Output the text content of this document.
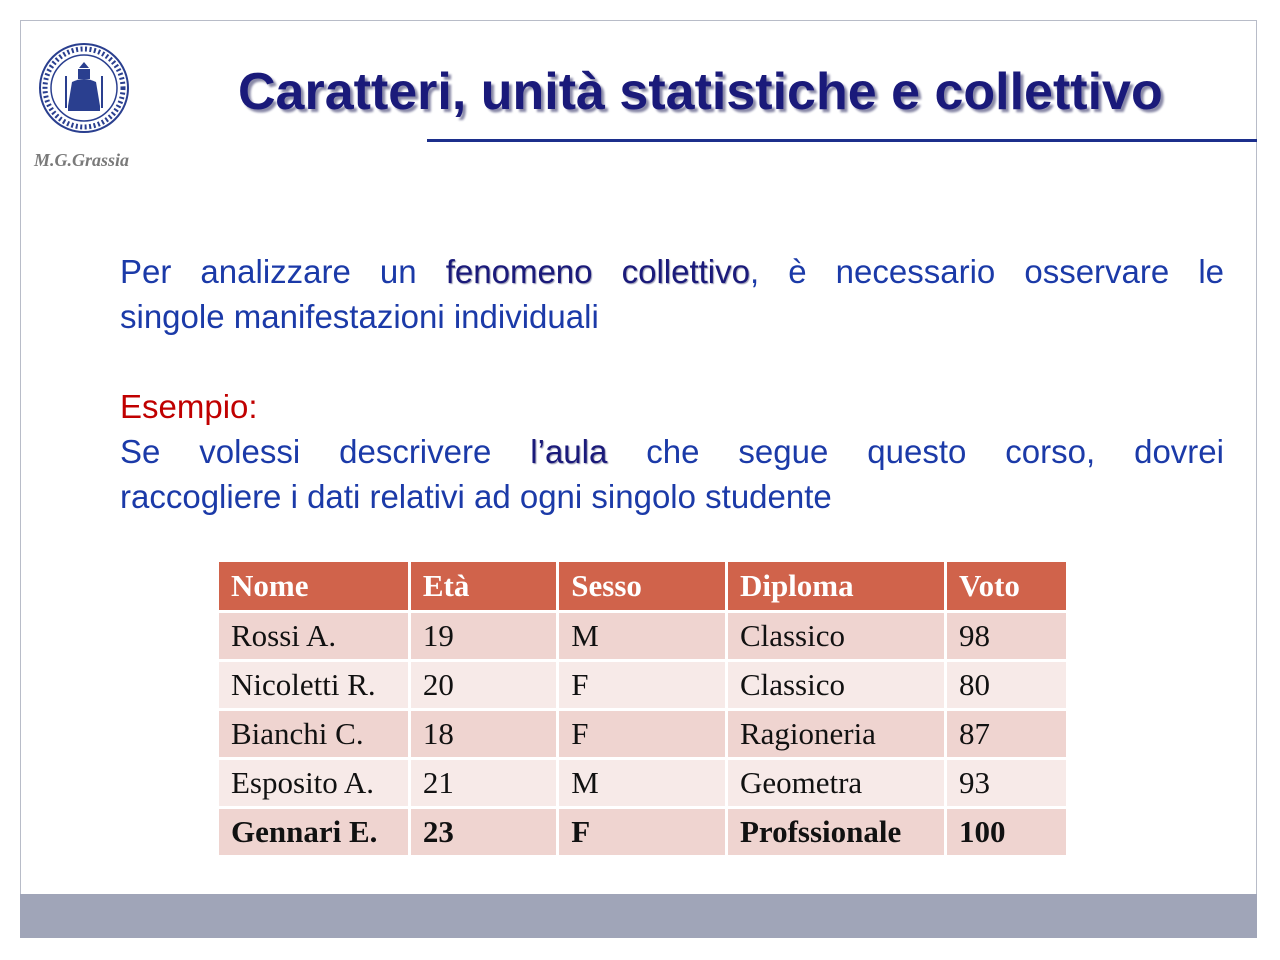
M.G.Grassia
Caratteri, unità statistiche e collettivo
Per analizzare un fenomeno collettivo, è necessario osservare le
singole manifestazioni individuali
Esempio:

Se volessi descrivere l’aula che segue questo corso, dovrei
raccogliere i dati relativi ad ogni singolo studente
Nome	Età	Sesso	Diploma	Voto
Rossi A.	19	M	Classico	98
Nicoletti R.	20	F	Classico	80
Bianchi C.	18	F	Ragioneria	87
Esposito A.	21	M	Geometra	93
Gennari E.	23	F	Profssionale	100
